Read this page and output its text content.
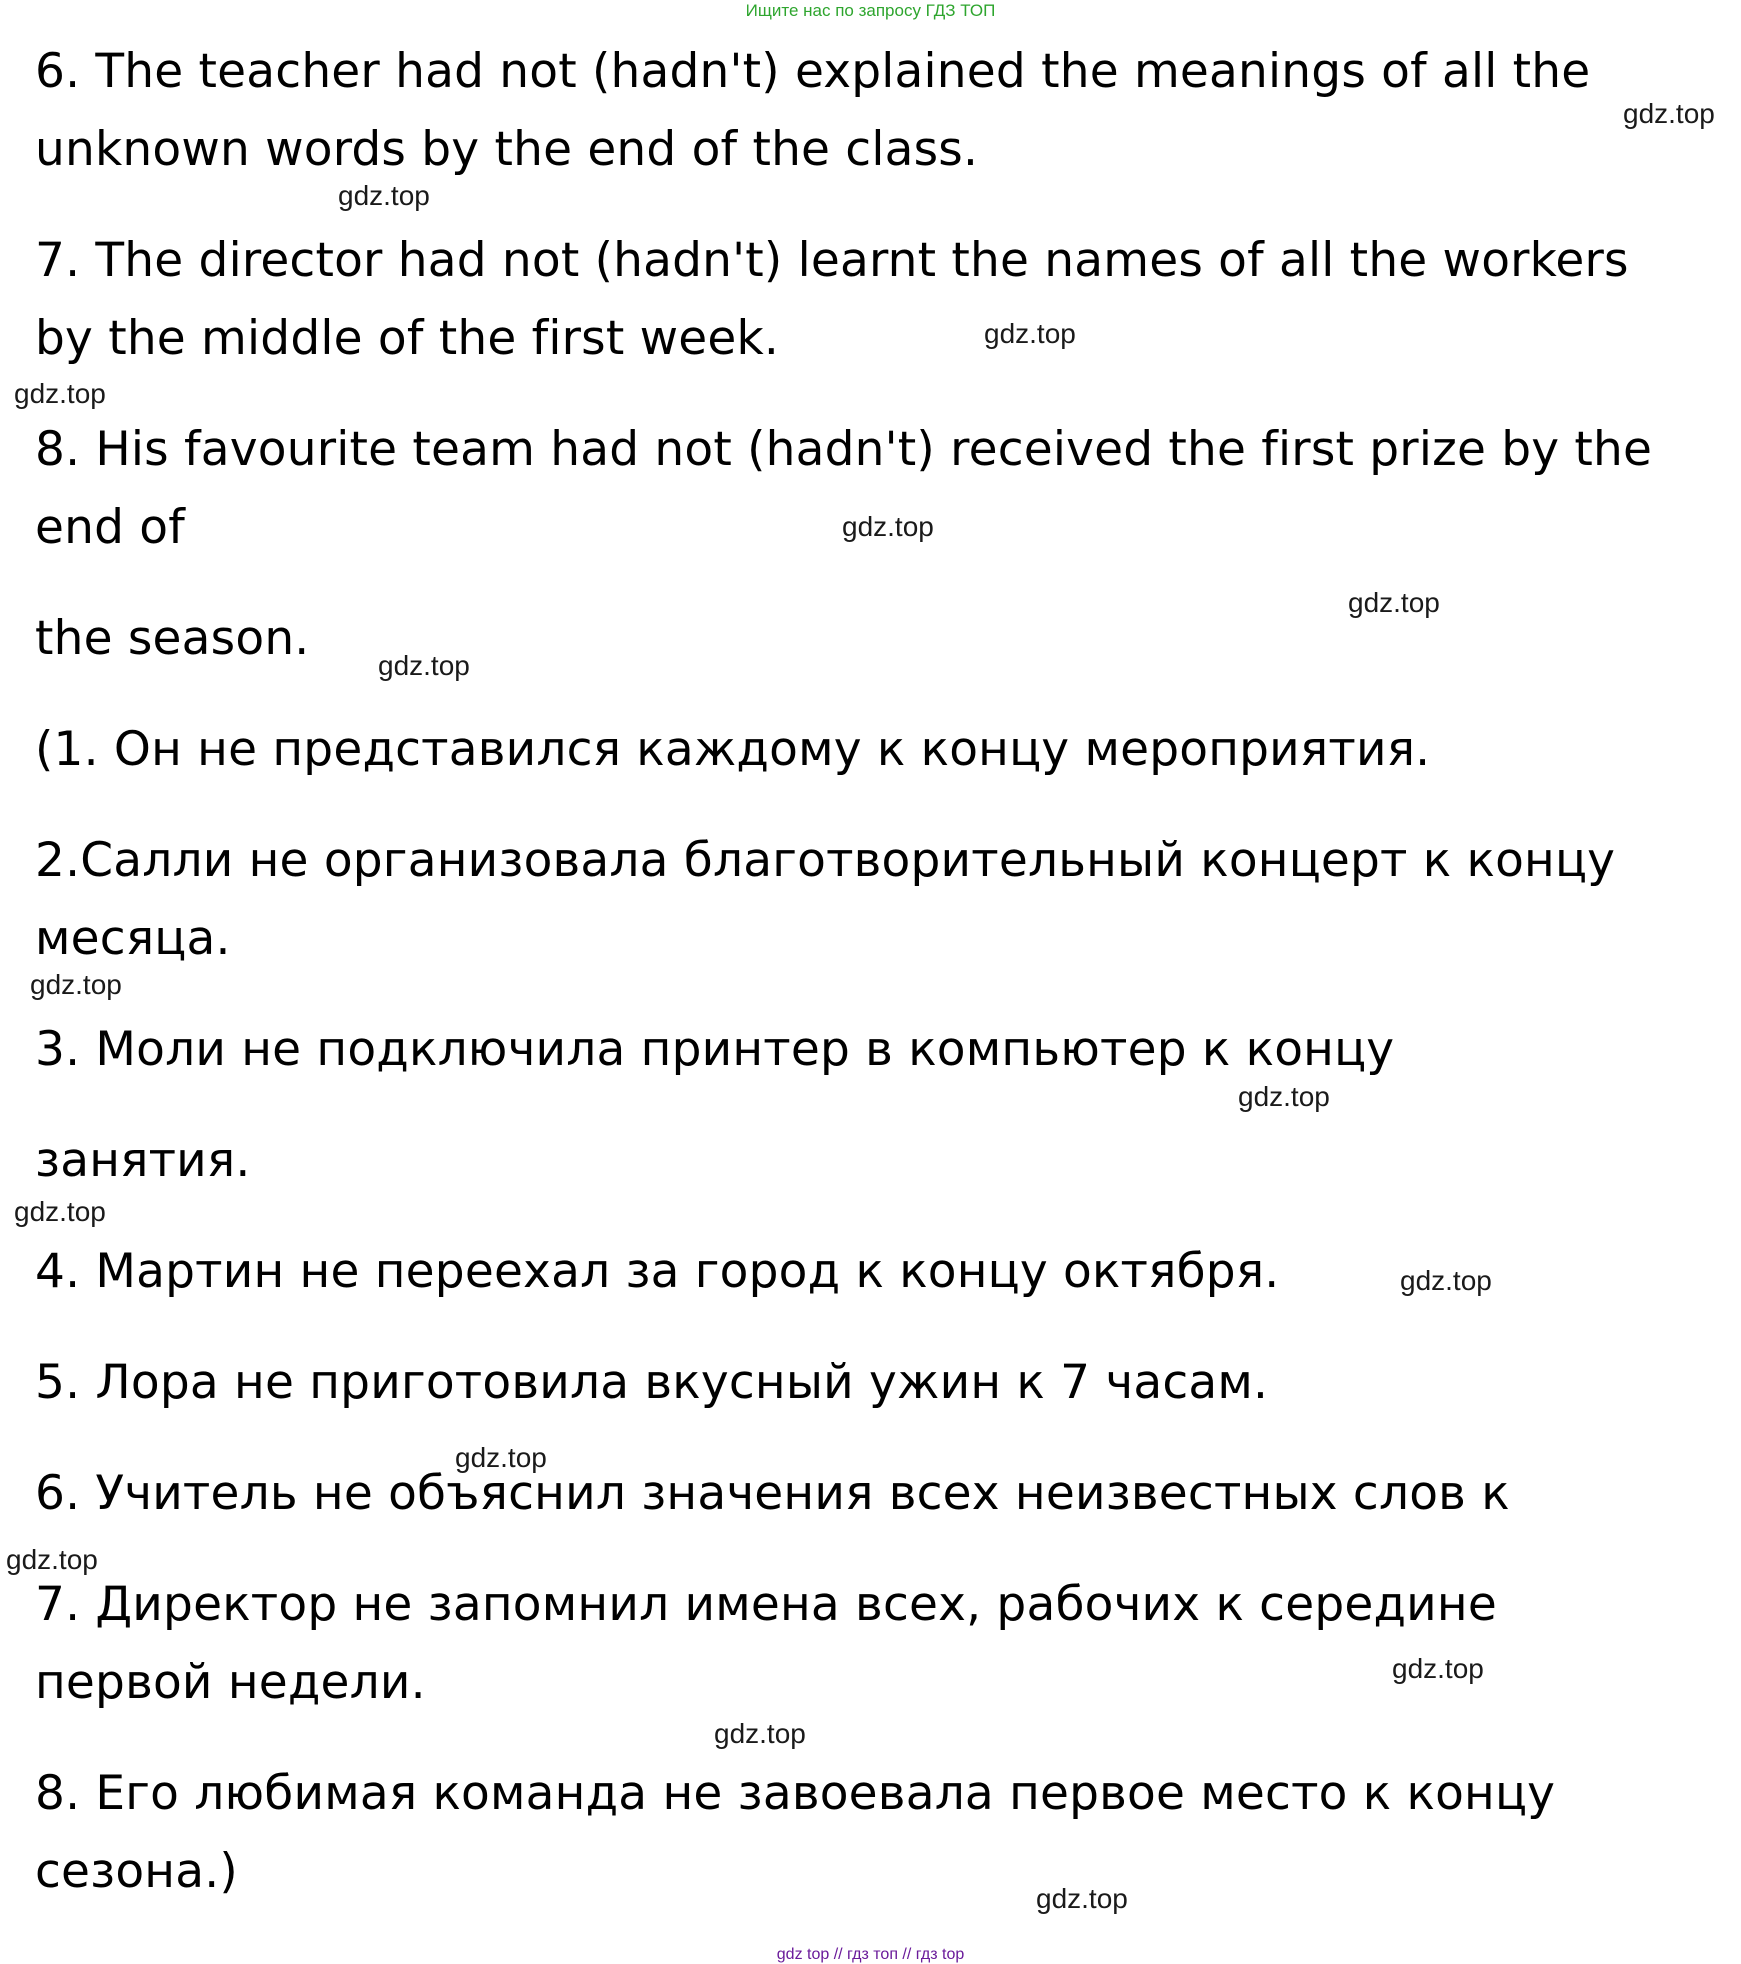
Ищите нас по запросу ГДЗ ТОП
6. The teacher had not (hadn't) explained the meanings of all the
unknown words by the end of the class.
7. The director had not (hadn't) learnt the names of all the workers
by the middle of the first week.
8. His favourite team had not (hadn't) received the first prize by the
end of
the season.
(1. Он не представился каждому к концу мероприятия.
2.Салли не организовала благотворительный концерт к концу
месяца.
3. Моли не подключила принтер в компьютер к концу
занятия.
4. Мартин не переехал за город к концу октября.
5. Лора не приготовила вкусный ужин к 7 часам.
6. Учитель не объяснил значения всех неизвестных слов к
7. Директор не запомнил имена всех, рабочих к середине
первой недели.
8. Его любимая команда не завоевала первое место к концу
сезона.)
gdz.top
gdz.top
gdz.top
gdz.top
gdz.top
gdz.top
gdz.top
gdz.top
gdz.top
gdz.top
gdz.top
gdz.top
gdz.top
gdz.top
gdz.top
gdz.top
gdz top // гдз топ // гдз top
